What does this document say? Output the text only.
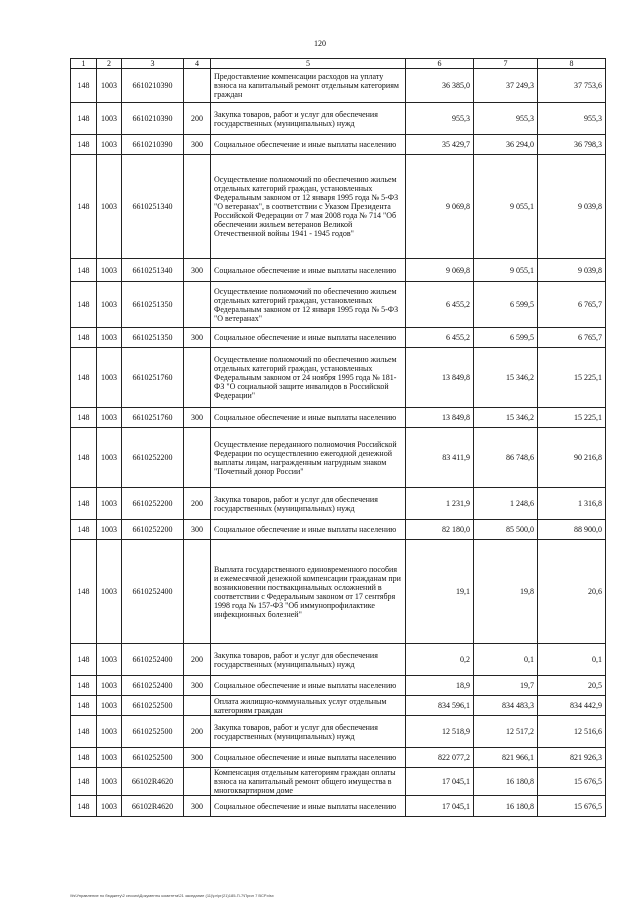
120
1	2	3	4	5	6	7	8
148	1003	6610210390		Предоставление компенсации расходов на уплату взноса на капитальный ремонт отдельным категориям граждан	36 385,0	37 249,3	37 753,6
148	1003	6610210390	200	Закупка товаров, работ и услуг для обеспечения государственных (муниципальных) нужд	955,3	955,3	955,3
148	1003	6610210390	300	Социальное обеспечение и иные выплаты населению	35 429,7	36 294,0	36 798,3
148	1003	6610251340		Осуществление полномочий по обеспечению жильем отдельных категорий граждан, установленных Федеральным законом от 12 января 1995 года № 5-ФЗ "О ветеранах", в соответствии с Указом Президента Российской Федерации от 7 мая 2008 года № 714 "Об обеспечении жильем ветеранов Великой Отечественной войны 1941 - 1945 годов"	9 069,8	9 055,1	9 039,8
148	1003	6610251340	300	Социальное обеспечение и иные выплаты населению	9 069,8	9 055,1	9 039,8
148	1003	6610251350		Осуществление полномочий по обеспечению жильем отдельных категорий граждан, установленных Федеральным законом от 12 января 1995 года № 5-ФЗ "О ветеранах"	6 455,2	6 599,5	6 765,7
148	1003	6610251350	300	Социальное обеспечение и иные выплаты населению	6 455,2	6 599,5	6 765,7
148	1003	6610251760		Осуществление полномочий по обеспечению жильем отдельных категорий граждан, установленных Федеральным законом от 24 ноября 1995 года № 181-ФЗ "О социальной защите инвалидов в Российской Федерации"	13 849,8	15 346,2	15 225,1
148	1003	6610251760	300	Социальное обеспечение и иные выплаты населению	13 849,8	15 346,2	15 225,1
148	1003	6610252200		Осуществление переданного полномочия Российской Федерации по осуществлению ежегодной денежной выплаты лицам, награжденным нагрудным знаком "Почетный донор России"	83 411,9	86 748,6	90 216,8
148	1003	6610252200	200	Закупка товаров, работ и услуг для обеспечения государственных (муниципальных) нужд	1 231,9	1 248,6	1 316,8
148	1003	6610252200	300	Социальное обеспечение и иные выплаты населению	82 180,0	85 500,0	88 900,0
148	1003	6610252400		Выплата государственного единовременного пособия и ежемесячной денежной компенсации гражданам при возникновении поствакцинальных осложнений в соответствии с Федеральным законом от 17 сентября 1998 года № 157-ФЗ "Об иммунопрофилактике инфекционных болезней"	19,1	19,8	20,6
148	1003	6610252400	200	Закупка товаров, работ и услуг для обеспечения государственных (муниципальных) нужд	0,2	0,1	0,1
148	1003	6610252400	300	Социальное обеспечение и иные выплаты населению	18,9	19,7	20,5
148	1003	6610252500		Оплата жилищно-коммунальных услуг отдельным категориям граждан	834 596,1	834 483,3	834 442,9
148	1003	6610252500	200	Закупка товаров, работ и услуг для обеспечения государственных (муниципальных) нужд	12 518,9	12 517,2	12 516,6
148	1003	6610252500	300	Социальное обеспечение и иные выплаты населению	822 077,2	821 966,1	821 926,3
148	1003	66102R4620		Компенсация отдельным категориям граждан оплаты взноса на капитальный ремонт общего имущества в многоквартирном доме	17 045,1	16 180,8	15 676,5
148	1003	66102R4620	300	Социальное обеспечение и иные выплаты населению	17 045,1	16 180,8	15 676,5
\\fs\Управление по бюджету\2 сессия\Документы комитета\21 заседание (11)\pr\pr(21)185-П-7\Прил 7 ВСР.xlsx
